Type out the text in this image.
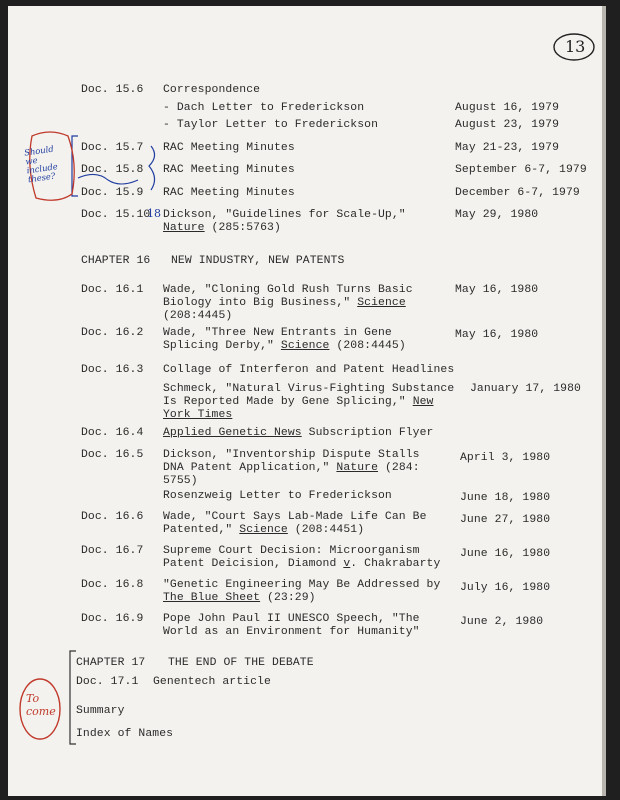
13
Doc. 15.6 Correspondence
- Dach Letter to Frederickson	August 16, 1979
- Taylor Letter to Frederickson	August 23, 1979
Doc. 15.7 RAC Meeting Minutes	May 21-23, 1979
Doc. 15.8 RAC Meeting Minutes	September 6-7, 1979
Doc. 15.9 RAC Meeting Minutes	December 6-7, 1979
Doc. 15.10 Dickson, "Guidelines for Scale-Up,"
Nature (285:5763)
May 29, 1980
CHAPTER 16 NEW INDUSTRY, NEW PATENTS
Doc. 16.1 Wade, "Cloning Gold Rush Turns Basic
Biology into Big Business," Science
(208:4445)
May 16, 1980
Doc. 16.2 Wade, "Three New Entrants in Gene
Splicing Derby," Science (208:4445)
May 16, 1980
Doc. 16.3 Collage of Interferon and Patent Headlines
Schmeck, "Natural Virus-Fighting Substance
Is Reported Made by Gene Splicing," New
York Times
January 17, 1980
Doc. 16.4 Applied Genetic News Subscription Flyer
Doc. 16.5 Dickson, "Inventorship Dispute Stalls
DNA Patent Application," Nature (284:
5755)
April 3, 1980
Rosenzweig Letter to Frederickson	June 18, 1980
Doc. 16.6 Wade, "Court Says Lab-Made Life Can Be
Patented," Science (208:4451)
June 27, 1980
Doc. 16.7 Supreme Court Decision: Microorganism
Patent Deicision, Diamond v. Chakrabarty
June 16, 1980
Doc. 16.8 "Genetic Engineering May Be Addressed by
The Blue Sheet (23:29)
July 16, 1980
Doc. 16.9 Pope John Paul II UNESCO Speech, "The
World as an Environment for Humanity"
June 2, 1980
CHAPTER 17 THE END OF THE DEBATE
Doc. 17.1 Genentech article
Summary
Index of Names
Should we include these?
To come
18
